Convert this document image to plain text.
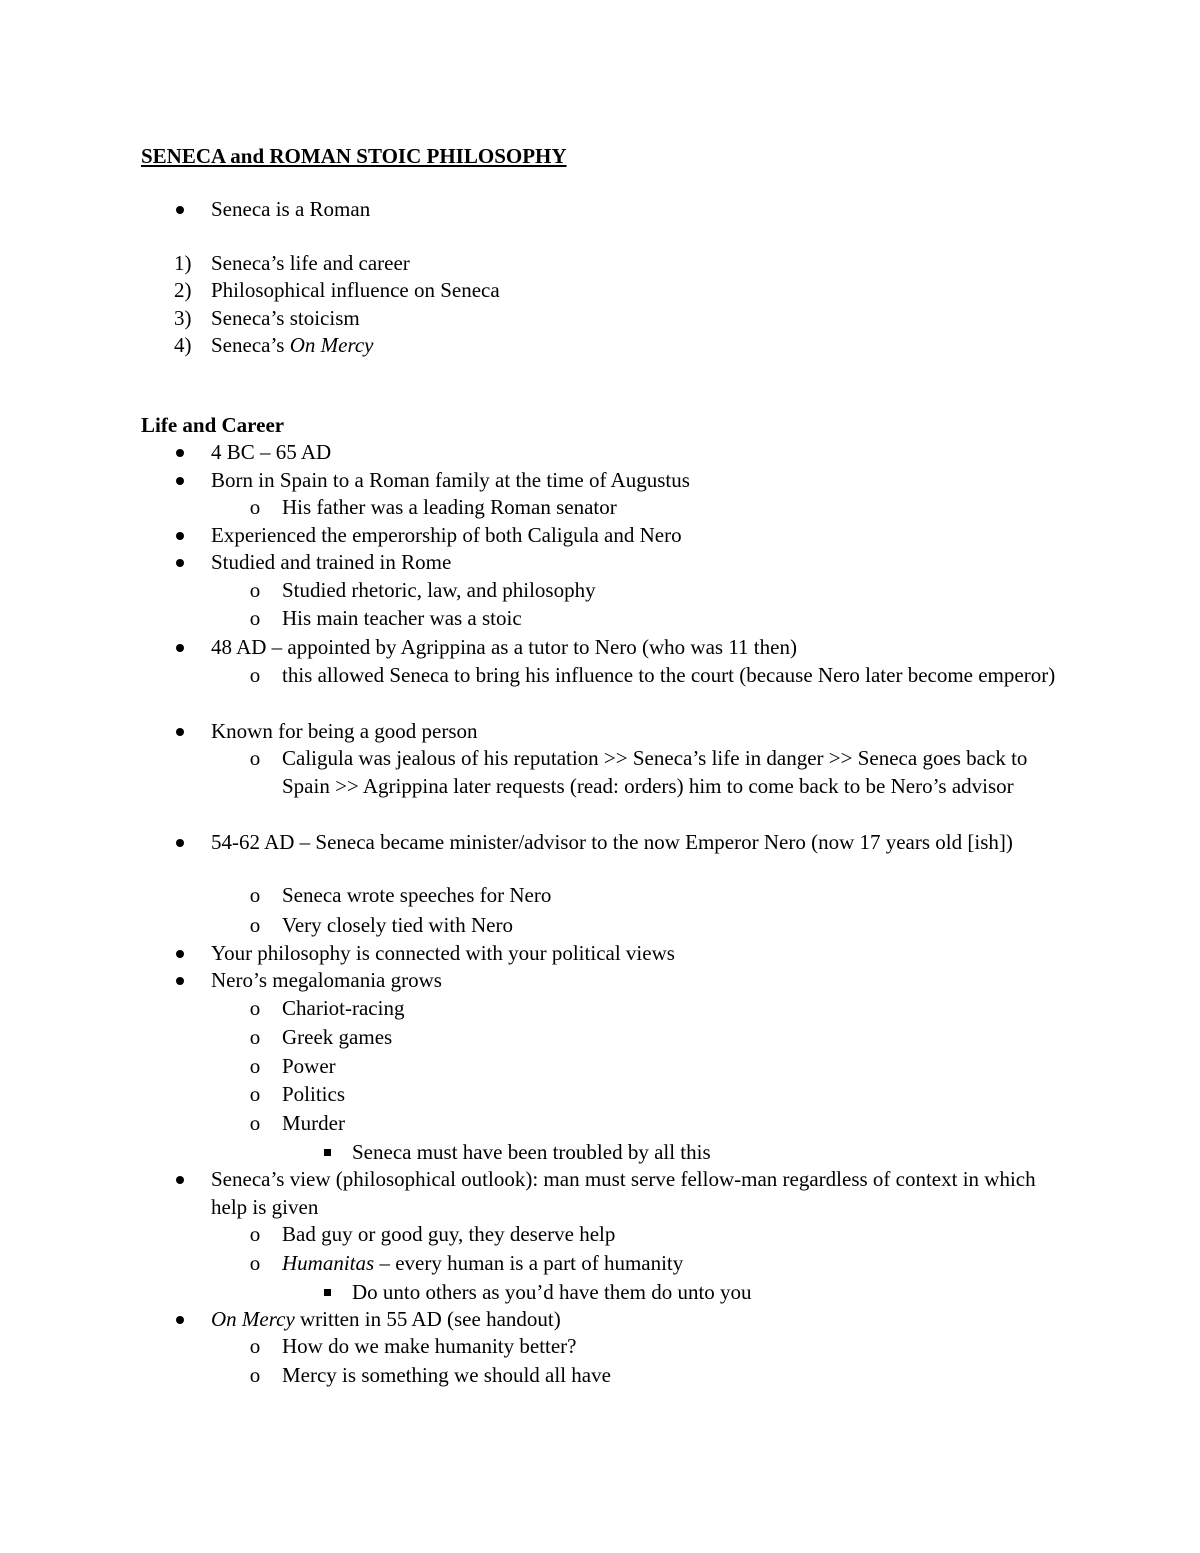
SENECA and ROMAN STOIC PHILOSOPHY
Seneca is a Roman
1) Seneca’s life and career
2) Philosophical influence on Seneca
3) Seneca’s stoicism
4) Seneca’s On Mercy
Life and Career
4 BC – 65 AD
Born in Spain to a Roman family at the time of Augustus
o His father was a leading Roman senator
Experienced the emperorship of both Caligula and Nero
Studied and trained in Rome
o Studied rhetoric, law, and philosophy
o His main teacher was a stoic
48 AD – appointed by Agrippina as a tutor to Nero (who was 11 then)
o this allowed Seneca to bring his influence to the court (because Nero later become emperor)
Known for being a good person
o Caligula was jealous of his reputation >> Seneca’s life in danger >> Seneca goes back to Spain >> Agrippina later requests (read: orders) him to come back to be Nero’s advisor
54-62 AD – Seneca became minister/advisor to the now Emperor Nero (now 17 years old [ish])
o Seneca wrote speeches for Nero
o Very closely tied with Nero
Your philosophy is connected with your political views
Nero’s megalomania grows
o Chariot-racing
o Greek games
o Power
o Politics
o Murder
Seneca must have been troubled by all this
Seneca’s view (philosophical outlook): man must serve fellow-man regardless of context in which help is given
o Bad guy or good guy, they deserve help
o Humanitas – every human is a part of humanity
Do unto others as you’d have them do unto you
On Mercy written in 55 AD (see handout)
o How do we make humanity better?
o Mercy is something we should all have
